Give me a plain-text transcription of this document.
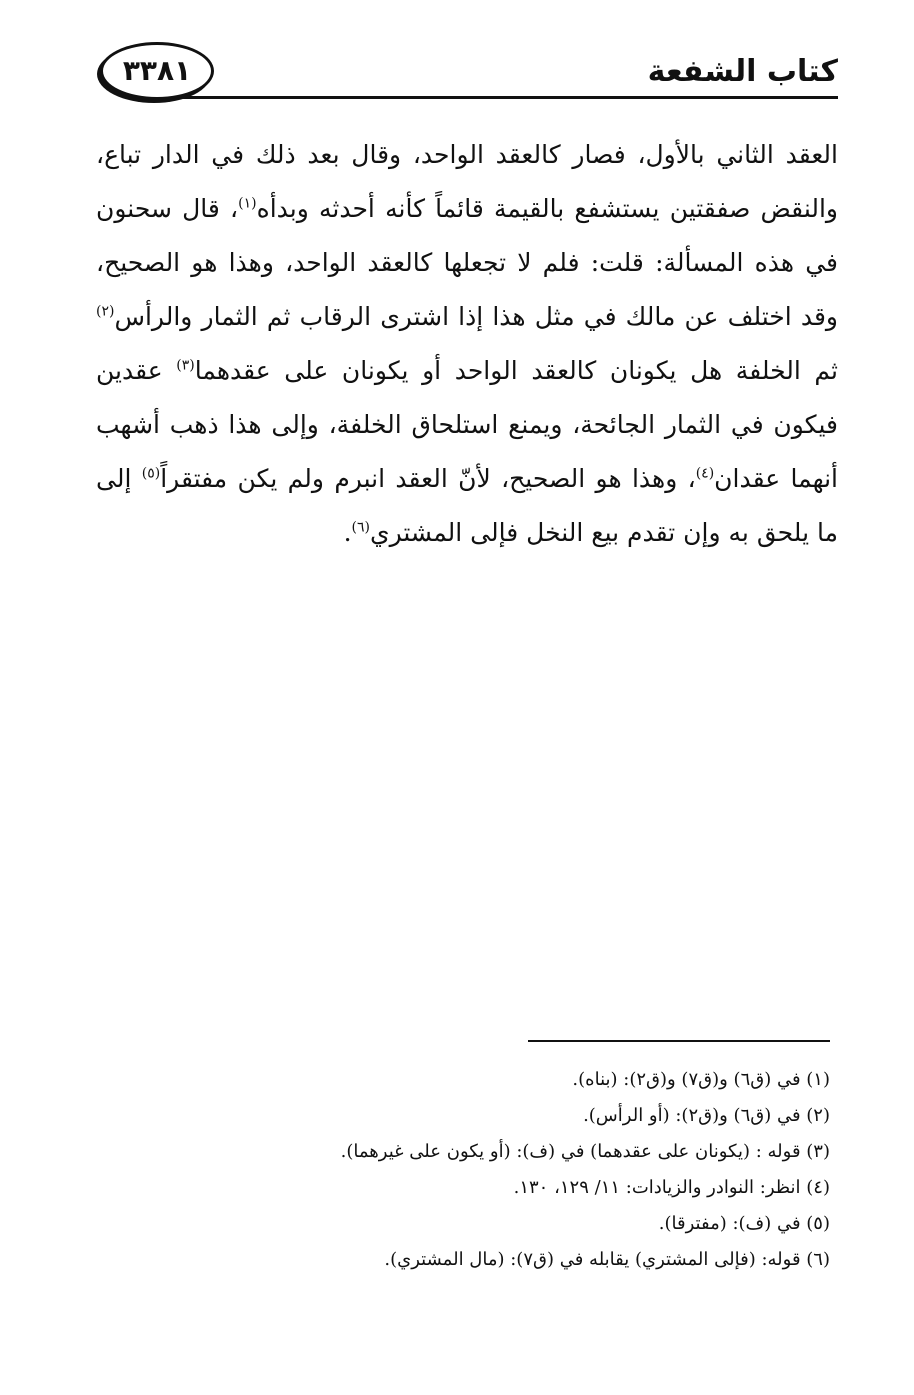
كتاب الشفعة
٣٣٨١
العقد الثاني بالأول، فصار كالعقد الواحد، وقال بعد ذلك في الدار تباع، والنقض صفقتين يستشفع بالقيمة قائماً كأنه أحدثه وبدأه$^{(١)}$، قال سحنون في هذه المسألة: قلت: فلم لا تجعلها كالعقد الواحد، وهذا هو الصحيح، وقد اختلف عن مالك في مثل هذا إذا اشترى الرقاب ثم الثمار والرأس$^{(٢)}$ ثم الخلفة هل يكونان كالعقد الواحد أو يكونان على عقدهما$^{(٣)}$ عقدين فيكون في الثمار الجائحة، ويمنع استلحاق الخلفة، وإلى هذا ذهب أشهب أنهما عقدان$^{(٤)}$، وهذا هو الصحيح، لأنّ العقد انبرم ولم يكن مفتقراً$^{(٥)}$ إلى ما يلحق به وإن تقدم بيع النخل فإلى المشتري$^{(٦)}$.
(١) في (ق٦) و(ق٧) و(ق٢): (بناه).
(٢) في (ق٦) و(ق٢): (أو الرأس).
(٣) قوله : (يكونان على عقدهما) في (ف): (أو يكون على غيرهما).
(٤) انظر: النوادر والزيادات: ١١/ ١٢٩، ١٣٠.
(٥) في (ف): (مفترقا).
(٦) قوله: (فإلى المشتري) يقابله في (ق٧): (مال المشتري).
